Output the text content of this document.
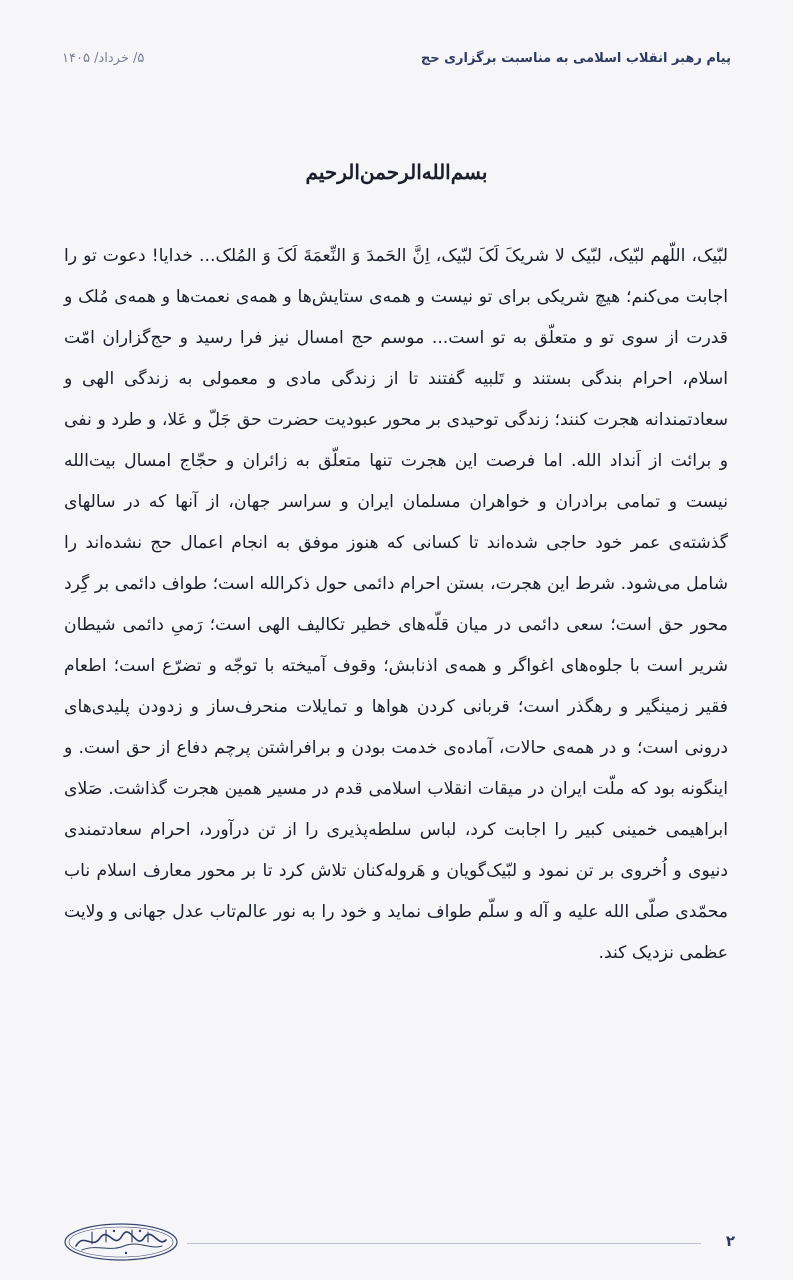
پیام رهبر انقلاب اسلامی به مناسبت برگزاری حج
۵/ خرداد/ ۱۴۰۵
بسم‌الله‌الرحمن‌الرحیم

لبّیک، اللّهم لبّیک، لبّیک لا شریکَ لَکَ لبّیک، اِنَّ الحَمدَ وَ النِّعمَةَ لَکَ وَ المُلک... خدایا! دعوت تو را اجابت می‌کنم؛ هیچ شریکی برای تو نیست و همه‌ی ستایش‌ها و همه‌ی نعمت‌ها و همه‌ی مُلک و قدرت از سوی تو و متعلّق به تو است... موسم حج امسال نیز فرا رسید و حج‌گزاران امّت اسلام، احرام بندگی بستند و تَلبیه گفتند تا از زندگی مادی و معمولی به زندگی الهی و سعادتمندانه هجرت کنند؛ زندگی توحیدی بر محور عبودیت حضرت حق جَلّ و عَلا، و طرد و نفی و برائت از اَنداد الله. اما فرصت این هجرت تنها متعلّق به زائران و حجّاج امسال بیت‌الله نیست و تمامی برادران و خواهران مسلمان ایران و سراسر جهان، از آنها که در سالهای گذشته‌ی عمر خود حاجی شده‌اند تا کسانی که هنوز موفق به انجام اعمال حج نشده‌اند را شامل می‌شود. شرط این هجرت، بستن احرام دائمی حول ذکرالله است؛ طواف دائمی بر گِرد محور حق است؛ سعی دائمی در میان قلّه‌های خطیر تکالیف الهی است؛ رَمیِ دائمی شیطان شریر است با جلوه‌های اغواگر و همه‌ی اذنابش؛ وقوف آمیخته با توجّه و تضرّع است؛ اطعام فقیر زمینگیر و رهگذر است؛ قربانی کردن هواها و تمایلات منحرف‌ساز و زدودن پلیدی‌های درونی است؛ و در همه‌ی حالات، آماده‌ی خدمت بودن و برافراشتن پرچم دفاع از حق است. و اینگونه بود که ملّت ایران در میقات انقلاب اسلامی قدم در مسیر همین هجرت گذاشت. صَلای ابراهیمی خمینی کبیر را اجابت کرد، لباس سلطه‌پذیری را از تن درآورد، احرام سعادتمندی دنیوی و اُخروی بر تن نمود و لبّیک‌گویان و هَروله‌کنان تلاش کرد تا بر محور معارف اسلام ناب محمّدی صلّی الله علیه و آله و سلّم طواف نماید و خود را به نور عالم‌تاب عدل جهانی و ولایت عظمی نزدیک کند.

۲
